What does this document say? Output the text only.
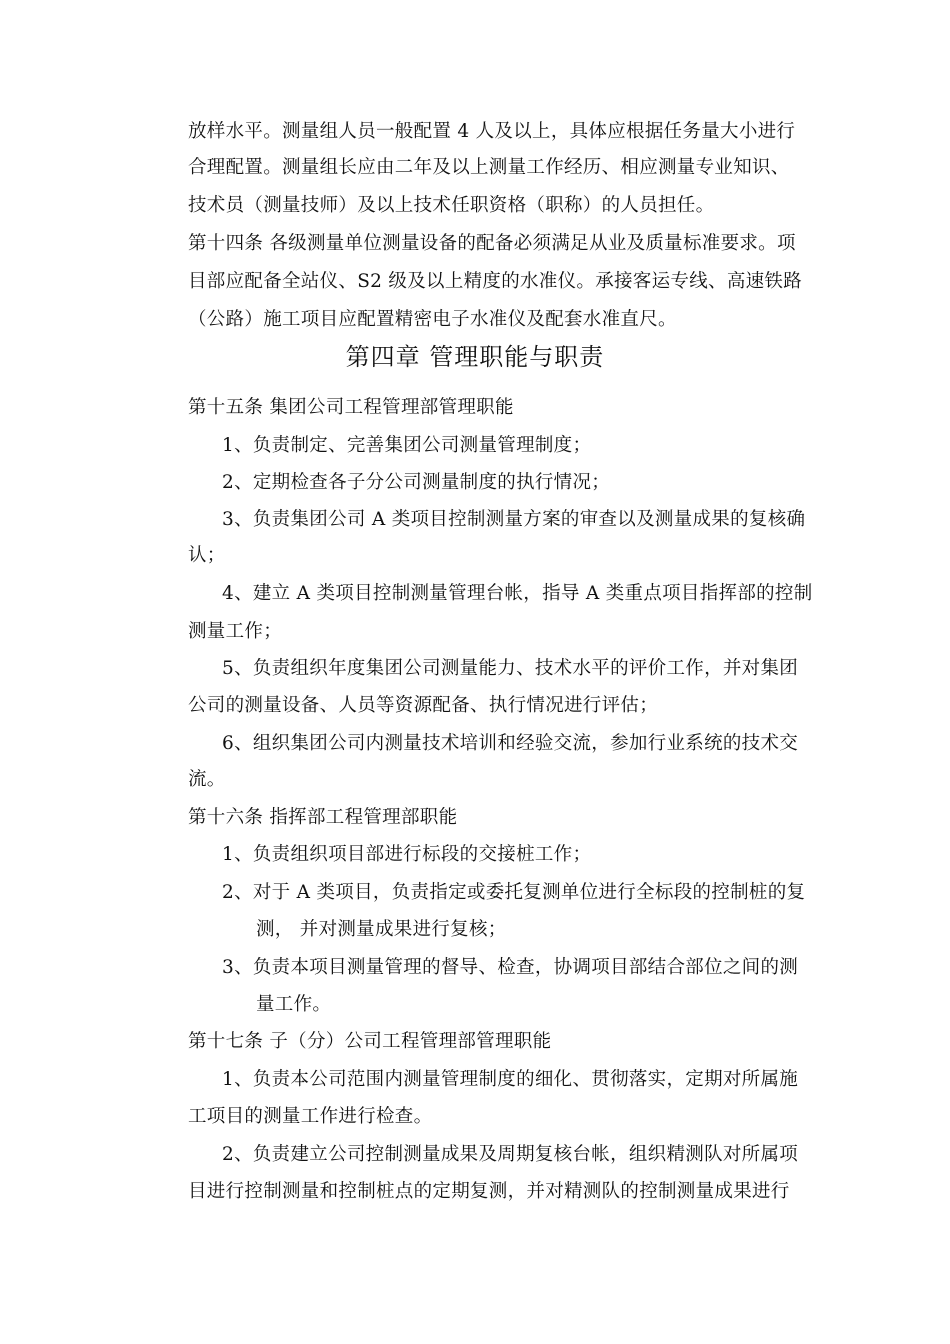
放样水平。测量组人员一般配置 4 人及以上，具体应根据任务量大小进行
合理配置。测量组长应由二年及以上测量工作经历、相应测量专业知识、
技术员（测量技师）及以上技术任职资格（职称）的人员担任。
第十四条 各级测量单位测量设备的配备必须满足从业及质量标准要求。项
目部应配备全站仪、S2 级及以上精度的水准仪。承接客运专线、高速铁路
（公路）施工项目应配置精密电子水准仪及配套水准直尺。
第四章 管理职能与职责
第十五条 集团公司工程管理部管理职能
1、负责制定、完善集团公司测量管理制度；
2、定期检查各子分公司测量制度的执行情况；
3、负责集团公司 A 类项目控制测量方案的审查以及测量成果的复核确
认；
4、建立 A 类项目控制测量管理台帐，指导 A 类重点项目指挥部的控制
测量工作；
5、负责组织年度集团公司测量能力、技术水平的评价工作，并对集团
公司的测量设备、人员等资源配备、执行情况进行评估；
6、组织集团公司内测量技术培训和经验交流，参加行业系统的技术交
流。
第十六条 指挥部工程管理部职能
1、负责组织项目部进行标段的交接桩工作；
2、对于 A 类项目，负责指定或委托复测单位进行全标段的控制桩的复
测， 并对测量成果进行复核；
3、负责本项目测量管理的督导、检查，协调项目部结合部位之间的测
量工作。
第十七条 子（分）公司工程管理部管理职能
1、负责本公司范围内测量管理制度的细化、贯彻落实，定期对所属施
工项目的测量工作进行检查。
2、负责建立公司控制测量成果及周期复核台帐，组织精测队对所属项
目进行控制测量和控制桩点的定期复测，并对精测队的控制测量成果进行
